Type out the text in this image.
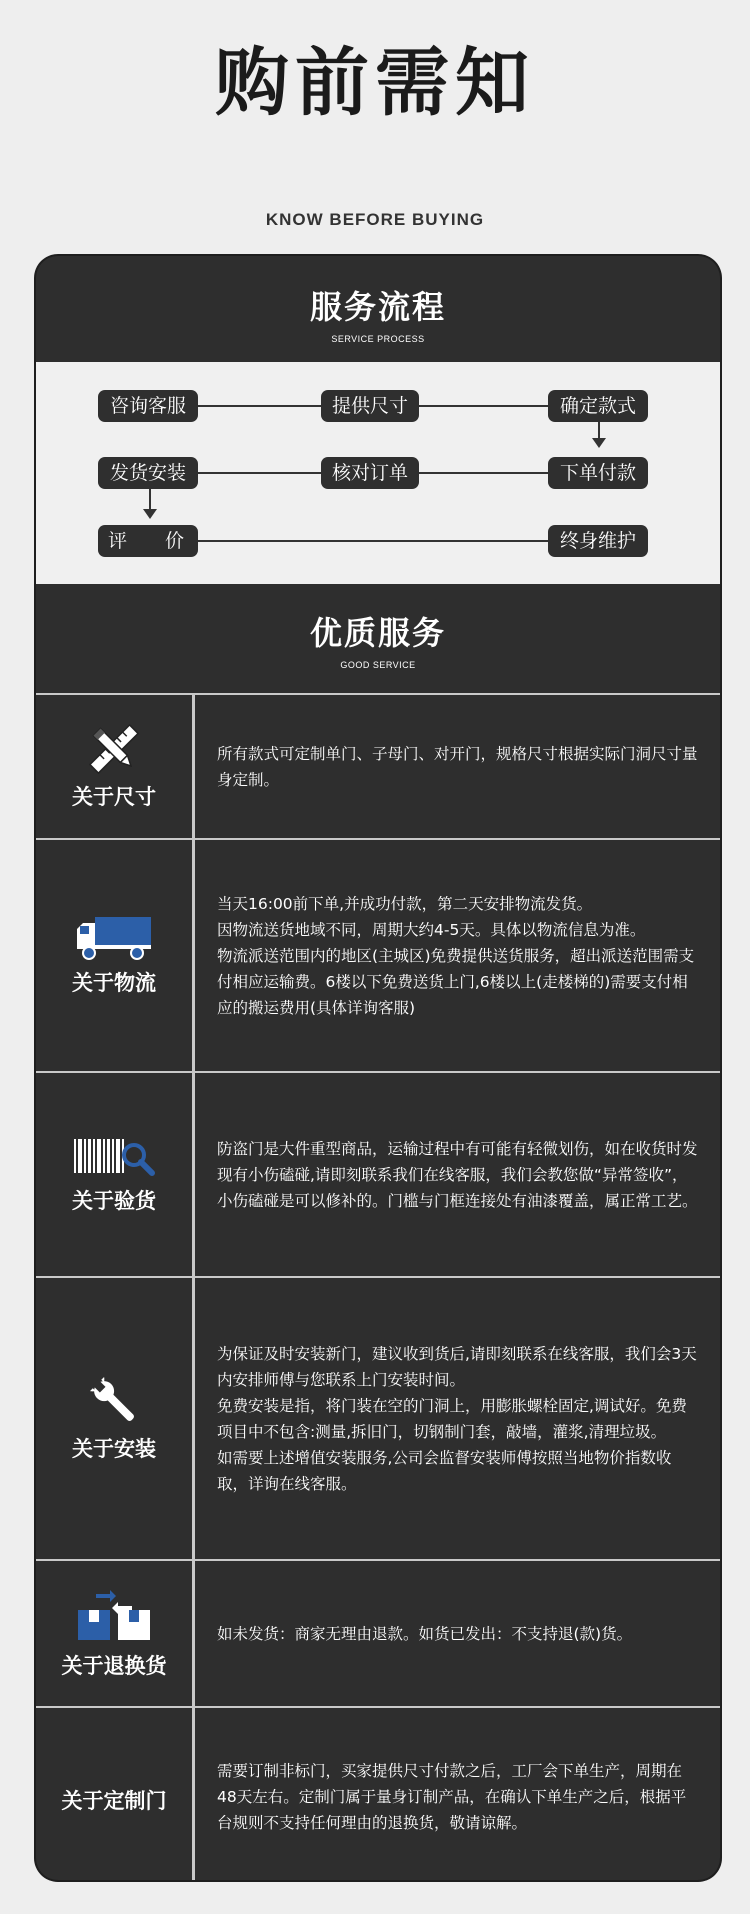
购前需知
KNOW BEFORE BUYING
服务流程
SERVICE PROCESS
咨询客服	提供尺寸	确定款式
发货安装	核对订单	下单付款
评　　价	终身维护
优质服务
GOOD SERVICE
关于尺寸

所有款式可定制单门、子母门、对开门，规格尺寸根据实际门洞尺寸量身定制。

关于物流

当天16:00前下单,并成功付款，第二天安排物流发货。

因物流送货地域不同，周期大约4-5天。具体以物流信息为准。

物流派送范围内的地区(主城区)免费提供送货服务，超出派送范围需支付相应运输费。6楼以下免费送货上门,6楼以上(走楼梯的)需要支付相应的搬运费用(具体详询客服)

关于验货

防盗门是大件重型商品，运输过程中有可能有轻微划伤，如在收货时发现有小伤磕碰,请即刻联系我们在线客服，我们会教您做“异常签收”，小伤磕碰是可以修补的。门槛与门框连接处有油漆覆盖，属正常工艺。

关于安装

为保证及时安装新门，建议收到货后,请即刻联系在线客服，我们会3天内安排师傅与您联系上门安装时间。

免费安装是指，将门装在空的门洞上，用膨胀螺栓固定,调试好。免费项目中不包含:测量,拆旧门，切钢制门套，敲墙，灌浆,清理垃圾。

如需要上述增值安装服务,公司会监督安装师傅按照当地物价指数收取，详询在线客服。

关于退换货

如未发货：商家无理由退款。如货已发出：不支持退(款)货。

关于定制门

需要订制非标门，买家提供尺寸付款之后，工厂会下单生产，周期在48天左右。定制门属于量身订制产品，在确认下单生产之后，根据平台规则不支持任何理由的退换货，敬请谅解。
